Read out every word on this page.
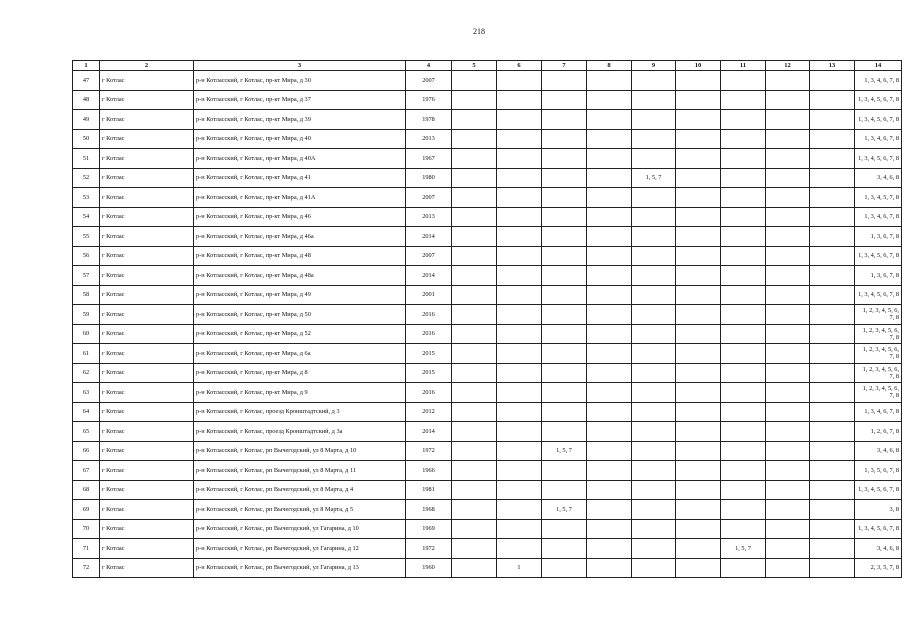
218
1	2	3	4	5	6	7	8	9	10	11	12	13	14
47	г Котлас	р-н Котласский, г Котлас, пр-кт Мира, д 30	2007										1, 3, 4, 6, 7, 8
48	г Котлас	р-н Котласский, г Котлас, пр-кт Мира, д 37	1976										1, 3, 4, 5, 6, 7, 8
49	г Котлас	р-н Котласский, г Котлас, пр-кт Мира, д 39	1978										1, 3, 4, 5, 6, 7, 8
50	г Котлас	р-н Котласский, г Котлас, пр-кт Мира, д 40	2013										1, 3, 4, 6, 7, 8
51	г Котлас	р-н Котласский, г Котлас, пр-кт Мира, д 40А	1967										1, 3, 4, 5, 6, 7, 8
52	г Котлас	р-н Котласский, г Котлас, пр-кт Мира, д 41	1980					1, 5, 7					3, 4, 6, 8
53	г Котлас	р-н Котласский, г Котлас, пр-кт Мира, д 41А	2007										1, 3, 4, 5, 7, 8
54	г Котлас	р-н Котласский, г Котлас, пр-кт Мира, д 46	2013										1, 3, 4, 6, 7, 8
55	г Котлас	р-н Котласский, г Котлас, пр-кт Мира, д 46а	2014										1, 3, 6, 7, 8
56	г Котлас	р-н Котласский, г Котлас, пр-кт Мира, д 48	2007										1, 3, 4, 5, 6, 7, 8
57	г Котлас	р-н Котласский, г Котлас, пр-кт Мира, д 48а	2014										1, 3, 6, 7, 8
58	г Котлас	р-н Котласский, г Котлас, пр-кт Мира, д 49	2001										1, 3, 4, 5, 6, 7, 8
59	г Котлас	р-н Котласский, г Котлас, пр-кт Мира, д 50	2016										1, 2, 3, 4, 5, 6, 7, 8
60	г Котлас	р-н Котласский, г Котлас, пр-кт Мира, д 52	2016										1, 2, 3, 4, 5, 6, 7, 8
61	г Котлас	р-н Котласский, г Котлас, пр-кт Мира, д 6а	2015										1, 2, 3, 4, 5, 6, 7, 8
62	г Котлас	р-н Котласский, г Котлас, пр-кт Мира, д 8	2015										1, 2, 3, 4, 5, 6, 7, 8
63	г Котлас	р-н Котласский, г Котлас, пр-кт Мира, д 9	2016										1, 2, 3, 4, 5, 6, 7, 8
64	г Котлас	р-н Котласский, г Котлас, проезд Кронштадтский, д 3	2012										1, 3, 4, 6, 7, 8
65	г Котлас	р-н Котласский, г Котлас, проезд Кронштадтский, д 3а	2014										1, 2, 6, 7, 8
66	г Котлас	р-н Котласский, г Котлас, рп Вычегодский, ул 8 Марта, д 10	1972			1, 5, 7							3, 4, 6, 8
67	г Котлас	р-н Котласский, г Котлас, рп Вычегодский, ул 8 Марта, д 11	1966										1, 3, 5, 6, 7, 8
68	г Котлас	р-н Котласский, г Котлас, рп Вычегодский, ул 8 Марта, д 4	1981										1, 3, 4, 5, 6, 7, 8
69	г Котлас	р-н Котласский, г Котлас, рп Вычегодский, ул 8 Марта, д 5	1968			1, 5, 7							3, 8
70	г Котлас	р-н Котласский, г Котлас, рп Вычегодский, ул Гагарина, д 10	1969										1, 3, 4, 5, 6, 7, 8
71	г Котлас	р-н Котласский, г Котлас, рп Вычегодский, ул Гагарина, д 12	1972							1, 5, 7			3, 4, 6, 8
72	г Котлас	р-н Котласский, г Котлас, рп Вычегодский, ул Гагарина, д 13	1960		1								2, 3, 5, 7, 8
